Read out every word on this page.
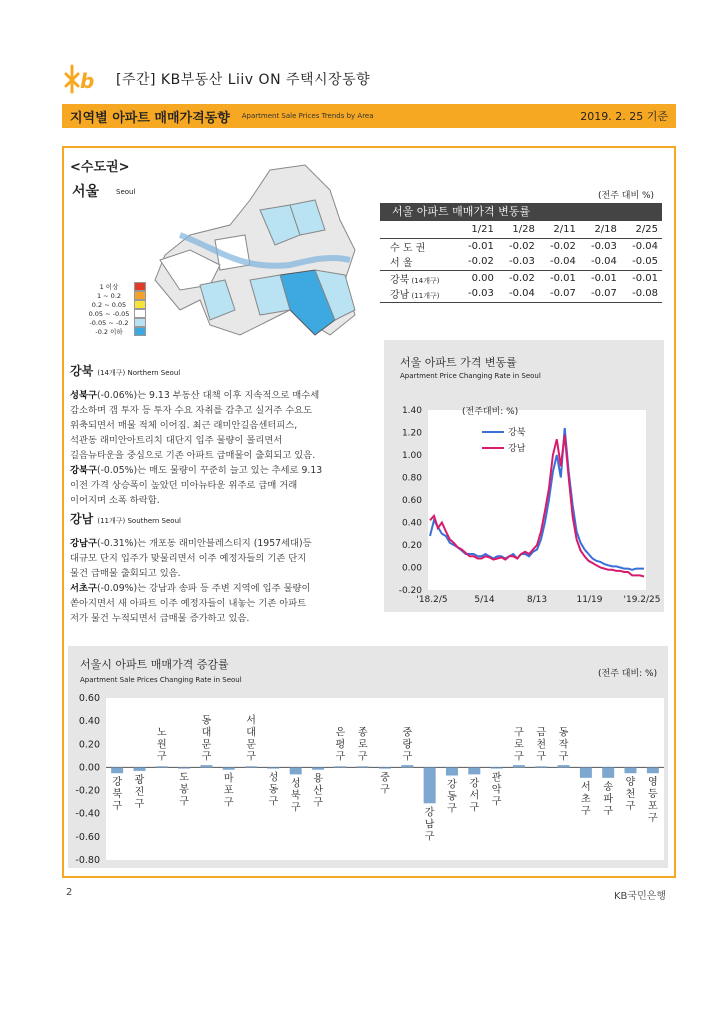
b [주간] KB부동산 Liiv ON 주택시장동향
지역별 아파트 매매가격동향 Apartment Sale Prices Trends by Area	2019. 2. 25 기준
<수도권>
서울 Seoul
1 이상
1 ~ 0.2
0.2 ~ 0.05
0.05 ~ -0.05
-0.05 ~ -0.2
-0.2 이하
(전주 대비 %)
서울 아파트 매매가격 변동률
	1/21	1/28	2/11	2/18	2/25
수 도 권	-0.01	-0.02	-0.02	-0.03	-0.04
서 울	-0.02	-0.03	-0.04	-0.04	-0.05
강북 (14개구)	0.00	-0.02	-0.01	-0.01	-0.01
강남 (11개구)	-0.03	-0.04	-0.07	-0.07	-0.08
강북 (14개구) Northern Seoul
성북구(-0.06%)는 9.13 부동산 대책 이후 지속적으로 매수세
감소하며 갭 투자 등 투자 수요 자취를 감추고 실거주 수요도
위축되면서 매물 적체 이어짐. 최근 래미안길음센터피스,
석관동 래미안아트리치 대단지 입주 물량이 몰리면서
길음뉴타운을 중심으로 기존 아파트 급매물이 출회되고 있음.
강북구(-0.05%)는 매도 물량이 꾸준히 늘고 있는 추세로 9.13
이전 가격 상승폭이 높았던 미아뉴타운 위주로 급매 거래
이어지며 소폭 하락함.
강남 (11개구) Southern Seoul
강남구(-0.31%)는 개포동 래미안블레스티지 (1957세대)등
대규모 단지 입주가 맞물리면서 이주 예정자들의 기존 단지
물건 급매물 출회되고 있음.
서초구(-0.09%)는 강남과 송파 등 주변 지역에 입주 물량이
쏟아지면서 새 아파트 이주 예정자들이 내놓는 기존 아파트
저가 물건 누적되면서 급매물 증가하고 있음.
서울 아파트 가격 변동률
Apartment Price Changing Rate in Seoul
1.40
1.20
1.00
0.80
0.60
0.40
0.20
0.00
-0.20
'18.2/5	5/14	8/13	11/19 '19.2/25
(전주대비: %)
강북
강남
서울시 아파트 매매가격 증감률
Apartment Sale Prices Changing Rate in Seoul
(전주 대비: %)
0.60
0.40
0.20
0.00
-0.20
-0.40
-0.60
-0.80
강 북 구
광 진 구
노 원 구
도 봉 구
동 대 문 구
마 포 구
서 대 문 구
성 동 구
성 북 구
용 산 구
은 평 구
종 로 구
중 구
중 랑 구
강 남 구
강 동 구
강 서 구
관 악 구
구 로 구
금 천 구
동 작 구
서 초 구
송 파 구
양 천 구
영 등 포 구
2	KB국민은행
